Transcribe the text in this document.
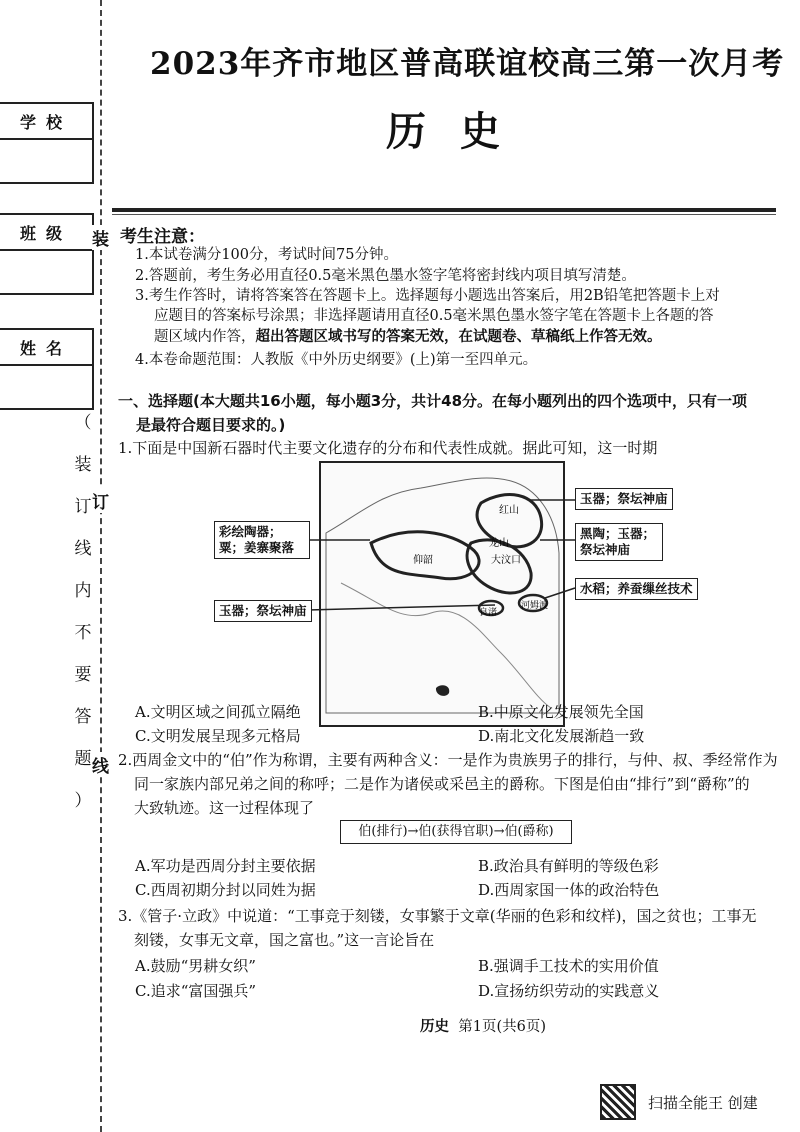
2023年齐市地区普高联谊校高三第一次月考
历史
学校
班级
姓名
装
订
线
（
装
订
线
内
不
要
答
题
）
考生注意：
1.本试卷满分100分，考试时间75分钟。
2.答题前，考生务必用直径0.5毫米黑色墨水签字笔将密封线内项目填写清楚。
3.考生作答时，请将答案答在答题卡上。选择题每小题选出答案后，用2B铅笔把答题卡上对
应题目的答案标号涂黑；非选择题请用直径0.5毫米黑色墨水签字笔在答题卡上各题的答
题区域内作答，超出答题区域书写的答案无效，在试题卷、草稿纸上作答无效。
4.本卷命题范围：人教版《中外历史纲要》(上)第一至四单元。
一、选择题(本大题共16小题，每小题3分，共计48分。在每小题列出的四个选项中，只有一项
是最符合题目要求的。)
1.下面是中国新石器时代主要文化遗存的分布和代表性成就。据此可知，这一时期
红山
仰韶
龙山
大汶口
良渚
河姆渡
玉器；祭坛神庙
彩绘陶器；粟；姜寨聚落
黑陶；玉器；祭坛神庙
水稻；养蚕缫丝技术
玉器；祭坛神庙
A.文明区域之间孤立隔绝	B.中原文化发展领先全国
C.文明发展呈现多元格局	D.南北文化发展渐趋一致
2.西周金文中的“伯”作为称谓，主要有两种含义：一是作为贵族男子的排行，与仲、叔、季经常作为
同一家族内部兄弟之间的称呼；二是作为诸侯或采邑主的爵称。下图是伯由“排行”到“爵称”的
大致轨迹。这一过程体现了
伯(排行)→伯(获得官职)→伯(爵称)
A.军功是西周分封主要依据	B.政治具有鲜明的等级色彩
C.西周初期分封以同姓为据	D.西周家国一体的政治特色
3.《管子·立政》中说道：“工事竞于刻镂，女事繁于文章(华丽的色彩和纹样)，国之贫也；工事无
刻镂，女事无文章，国之富也。”这一言论旨在
A.鼓励“男耕女织”	B.强调手工技术的实用价值
C.追求“富国强兵”	D.宣扬纺织劳动的实践意义
历史 第1页(共6页)
扫描全能王 创建
